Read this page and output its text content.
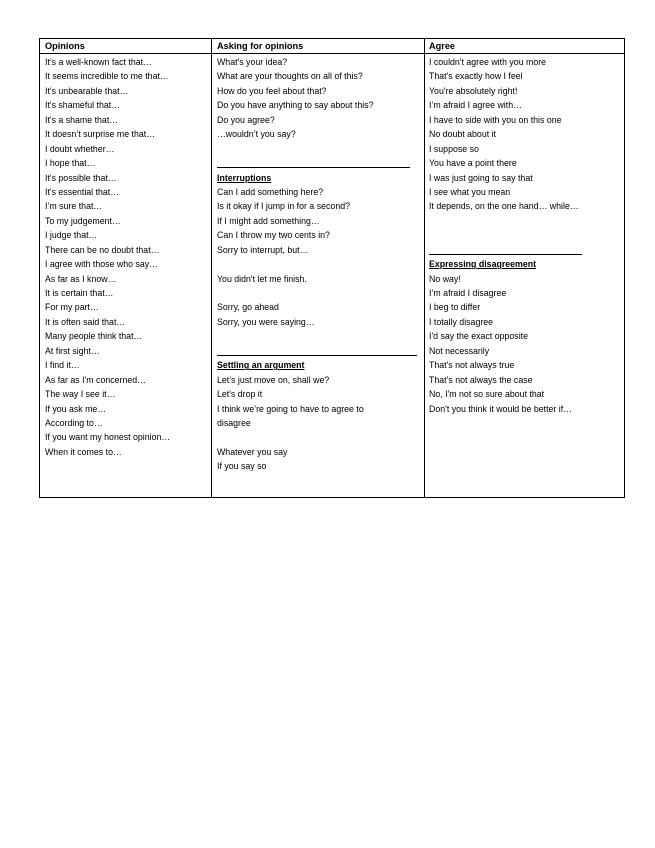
Opinions	Asking for opinions	Agree
It’s a well-known fact that…
It seems incredible to me that…
It's unbearable that…
It's shameful that…
It's a shame that…
It doesn’t surprise me that…
I doubt whether…
I hope that…
It's possible that…
It's essential that…
I’m sure that…
To my judgement…
I judge that…
There can be no doubt that…
I agree with those who say…
As far as I know…
It is certain that…
For my part…
It is often said that…
Many people think that…
At first sight…
I find it…
As far as I'm concerned…
The way I see it…
If you ask me…
According to…
If you want my honest opinion…
When it comes to…
What's your idea?
What are your thoughts on all of this?
How do you feel about that?
Do you have anything to say about this?
Do you agree?
…wouldn’t you say?
Interruptions
Can I add something here?
Is it okay if I jump in for a second?
If I might add something…
Can I throw my two cents in?
Sorry to interrupt, but…
You didn't let me finish.
Sorry, go ahead
Sorry, you were saying…
Settling an argument
Let’s just move on, shall we?
Let's drop it
I think we’re going to have to agree to
disagree
Whatever you say
If you say so
I couldn't agree with you more
That's exactly how I feel
You're absolutely right!
I’m afraid I agree with…
I have to side with you on this one
No doubt about it
I suppose so
You have a point there
I was just going to say that
I see what you mean
It depends, on the one hand… while…
Expressing disagreement
No way!
I’m afraid I disagree
I beg to differ
I totally disagree
I'd say the exact opposite
Not necessarily
That's not always true
That’s not always the case
No, I'm not so sure about that
Don't you think it would be better if…
